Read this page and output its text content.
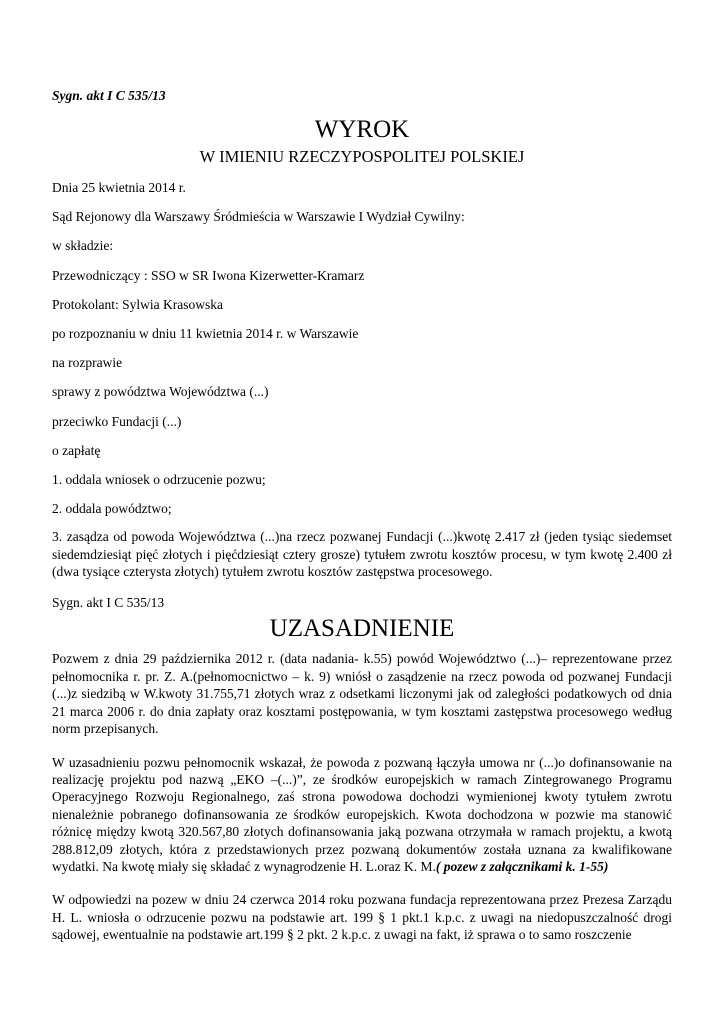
Sygn. akt I C 535/13

WYROK
W IMIENIU RZECZYPOSPOLITEJ POLSKIEJ

Dnia 25 kwietnia 2014 r.

Sąd Rejonowy dla Warszawy Śródmieścia w Warszawie I Wydział Cywilny:

w składzie:

Przewodniczący : SSO w SR Iwona Kizerwetter-Kramarz

Protokolant: Sylwia Krasowska

po rozpoznaniu w dniu 11 kwietnia 2014 r. w Warszawie

na rozprawie

sprawy z powództwa Województwa (...)

przeciwko Fundacji (...)

o zapłatę

1. oddala wniosek o odrzucenie pozwu;

2. oddala powództwo;

3. zasądza od powoda Województwa (...)na rzecz pozwanej Fundacji (...)kwotę 2.417 zł (jeden tysiąc siedemset siedemdziesiąt pięć złotych i pięćdziesiąt cztery grosze) tytułem zwrotu kosztów procesu, w tym kwotę 2.400 zł (dwa tysiące czterysta złotych) tytułem zwrotu kosztów zastępstwa procesowego.

Sygn. akt I C 535/13

UZASADNIENIE

Pozwem z dnia 29 października 2012 r. (data nadania- k.55) powód Województwo (...)– reprezentowane przez pełnomocnika r. pr. Z. A.(pełnomocnictwo – k. 9) wniósł o zasądzenie na rzecz powoda od pozwanej Fundacji (...)z siedzibą w W.kwoty 31.755,71 złotych wraz z odsetkami liczonymi jak od zaległości podatkowych od dnia 21 marca 2006 r. do dnia zapłaty oraz kosztami postępowania, w tym kosztami zastępstwa procesowego według norm przepisanych.

W uzasadnieniu pozwu pełnomocnik wskazał, że powoda z pozwaną łączyła umowa nr (...)o dofinansowanie na realizację projektu pod nazwą „EKO –(...)”, ze środków europejskich w ramach Zintegrowanego Programu Operacyjnego Rozwoju Regionalnego, zaś strona powodowa dochodzi wymienionej kwoty tytułem zwrotu nienależnie pobranego dofinansowania ze środków europejskich. Kwota dochodzona w pozwie ma stanowić różnicę między kwotą 320.567,80 złotych dofinansowania jaką pozwana otrzymała w ramach projektu, a kwotą 288.812,09 złotych, która z przedstawionych przez pozwaną dokumentów została uznana za kwalifikowane wydatki. Na kwotę miały się składać z wynagrodzenie H. L.oraz K. M.( pozew z załącznikami k. 1-55)

W odpowiedzi na pozew w dniu 24 czerwca 2014 roku pozwana fundacja reprezentowana przez Prezesa Zarządu H. L. wniosła o odrzucenie pozwu na podstawie art. 199 § 1 pkt.1 k.p.c. z uwagi na niedopuszczalność drogi sądowej, ewentualnie na podstawie art.199 § 2 pkt. 2 k.p.c. z uwagi na fakt, iż sprawa o to samo roszczenie
